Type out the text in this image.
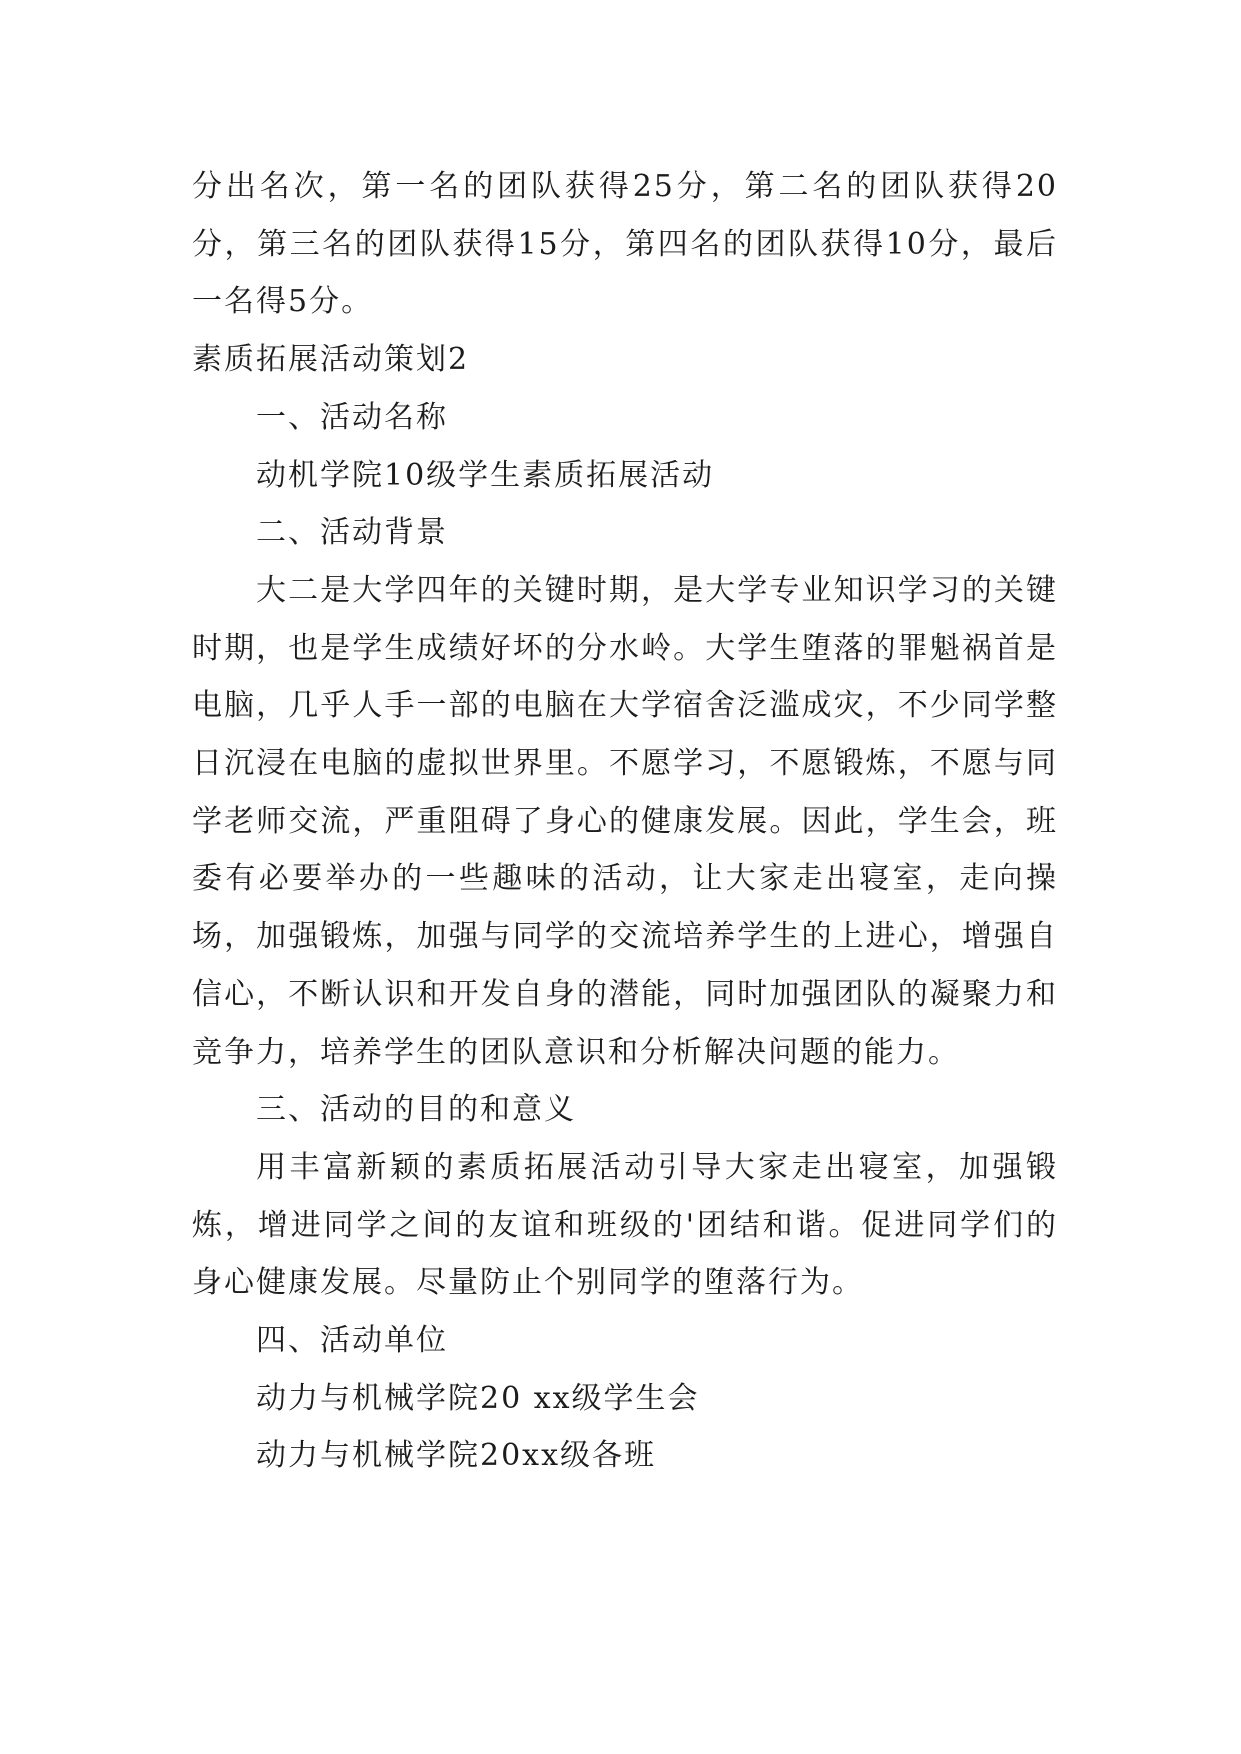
分出名次，第一名的团队获得25分，第二名的团队获得20分，第三名的团队获得15分，第四名的团队获得10分，最后一名得5分。

素质拓展活动策划2

一、活动名称

动机学院10级学生素质拓展活动

二、活动背景

大二是大学四年的关键时期，是大学专业知识学习的关键时期，也是学生成绩好坏的分水岭。大学生堕落的罪魁祸首是电脑，几乎人手一部的电脑在大学宿舍泛滥成灾，不少同学整日沉浸在电脑的虚拟世界里。不愿学习，不愿锻炼，不愿与同学老师交流，严重阻碍了身心的健康发展。因此，学生会，班委有必要举办的一些趣味的活动，让大家走出寝室，走向操场，加强锻炼，加强与同学的交流培养学生的上进心，增强自信心，不断认识和开发自身的潜能，同时加强团队的凝聚力和竞争力，培养学生的团队意识和分析解决问题的能力。

三、活动的目的和意义

用丰富新颖的素质拓展活动引导大家走出寝室，加强锻炼，增进同学之间的友谊和班级的'团结和谐。促进同学们的身心健康发展。尽量防止个别同学的堕落行为。

四、活动单位

动力与机械学院20 xx级学生会

动力与机械学院20xx级各班
